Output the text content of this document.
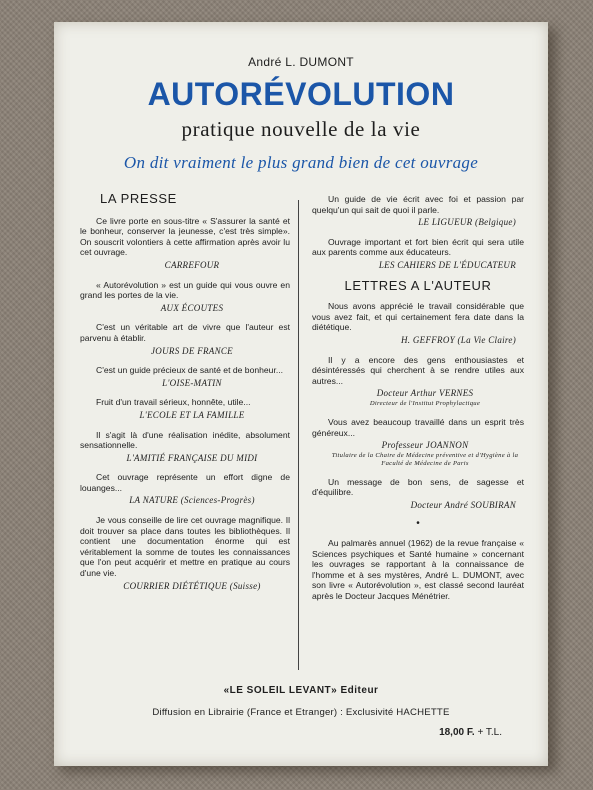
André L. DUMONT
AUTORÉVOLUTION
pratique nouvelle de la vie
On dit vraiment le plus grand bien de cet ouvrage
LA PRESSE

Ce livre porte en sous-titre « S'assurer la santé et le bonheur, conserver la jeunesse, c'est très simple». On souscrit volontiers à cette affirmation après avoir lu cet ouvrage.

CARREFOUR

« Autorévolution » est un guide qui vous ouvre en grand les portes de la vie.

AUX ÉCOUTES

C'est un véritable art de vivre que l'auteur est parvenu à établir.

JOURS DE FRANCE

C'est un guide précieux de santé et de bonheur...

L'OISE-MATIN

Fruit d'un travail sérieux, honnête, utile...

L'ECOLE ET LA FAMILLE

Il s'agit là d'une réalisation inédite, absolument sensationnelle.

L'AMITIÉ FRANÇAISE DU MIDI

Cet ouvrage représente un effort digne de louanges...

LA NATURE (Sciences-Progrès)

Je vous conseille de lire cet ouvrage magnifique. Il doit trouver sa place dans toutes les bibliothèques. Il contient une documentation énorme qui est véritablement la somme de toutes les connaissances que l'on peut acquérir et mettre en pratique au cours d'une vie.

COURRIER DIÉTÉTIQUE (Suisse)

Un guide de vie écrit avec foi et passion par quelqu'un qui sait de quoi il parle.

LE LIGUEUR (Belgique)

Ouvrage important et fort bien écrit qui sera utile aux parents comme aux éducateurs.

LES CAHIERS DE L'ÉDUCATEUR
LETTRES A L'AUTEUR

Nous avons apprécié le travail considérable que vous avez fait, et qui certainement fera date dans la diététique.

H. GEFFROY (La Vie Claire)

Il y a encore des gens enthousiastes et désintéressés qui cherchent à se rendre utiles aux autres...

Docteur Arthur VERNES
Directeur de l'Institut Prophylactique

Vous avez beaucoup travaillé dans un esprit très généreux...

Professeur JOANNON
Titulaire de la Chaire de Médecine préventive et d'Hygiène à la Faculté de Médecine de Paris

Un message de bon sens, de sagesse et d'équilibre.

Docteur André SOUBIRAN
•

Au palmarès annuel (1962) de la revue française « Sciences psychiques et Santé humaine » concernant les ouvrages se rapportant à la connaissance de l'homme et à ses mystères, André L. DUMONT, avec son livre « Autorévolution », est classé second lauréat après le Docteur Jacques Ménétrier.

«LE SOLEIL LEVANT» Editeur
Diffusion en Librairie (France et Etranger) : Exclusivité HACHETTE
18,00 F. + T.L.
